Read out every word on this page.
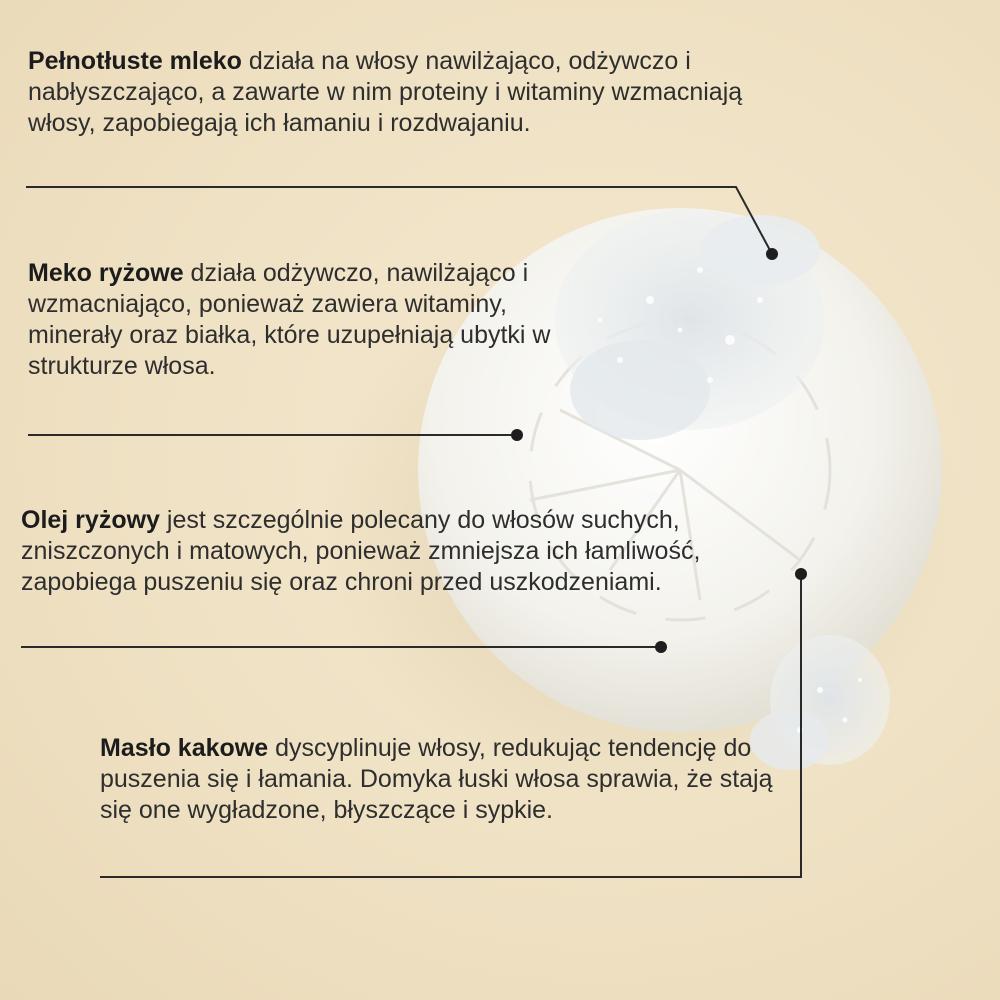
Pełnotłuste mleko działa na włosy nawilżająco, odżywczo i nabłyszczająco, a zawarte w nim proteiny i witaminy wzmacniają włosy, zapobiegają ich łamaniu i rozdwajaniu.

Meko ryżowe działa odżywczo, nawilżająco i wzmacniająco, ponieważ zawiera witaminy, minerały oraz białka, które uzupełniają ubytki w strukturze włosa.

Olej ryżowy jest szczególnie polecany do włosów suchych, zniszczonych i matowych, ponieważ zmniejsza ich łamliwość, zapobiega puszeniu się oraz chroni przed uszkodzeniami.

Masło kakowe dyscyplinuje włosy, redukując tendencję do puszenia się i łamania. Domyka łuski włosa sprawia, że stają się one wygładzone, błyszczące i sypkie.
